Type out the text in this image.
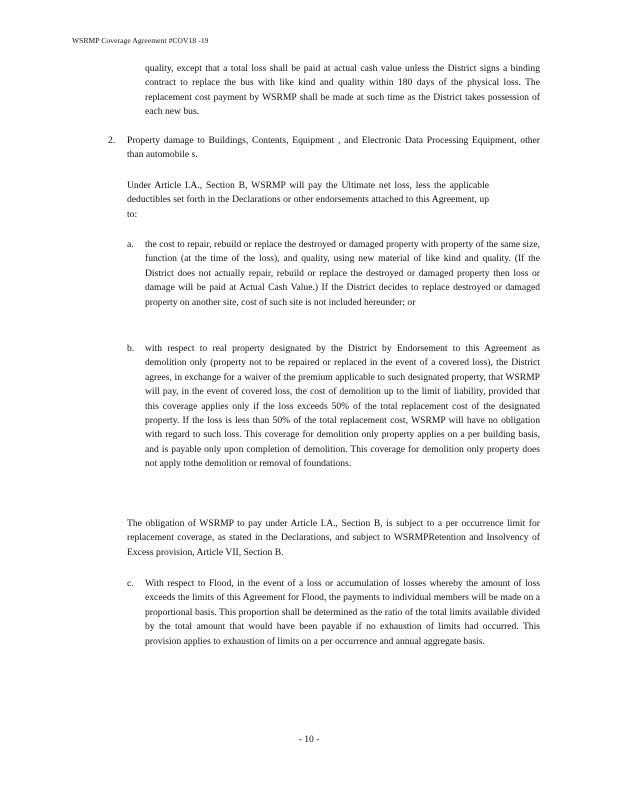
WSRMP Coverage Agreement #COV18 -19

quality, except that a total loss shall be paid at actual cash value unless the District signs a binding contract to replace the bus with like kind and quality within 180 days of the physical loss. The replacement cost payment by WSRMP shall be made at such time as the District takes possession of each new bus.

2. Property damage to Buildings, Contents, Equipment , and Electronic Data Processing Equipment, other than automobile s.

Under Article I.A., Section B, WSRMP will pay the Ultimate net loss, less the applicable deductibles set forth in the Declarations or other endorsements attached to this Agreement, up to:

a. the cost to repair, rebuild or replace the destroyed or damaged property with property of the same size, function (at the time of the loss), and quality, using new material of like kind and quality. (If the District does not actually repair, rebuild or replace the destroyed or damaged property then loss or damage will be paid at Actual Cash Value.) If the District decides to replace destroyed or damaged property on another site, cost of such site is not included hereunder; or

b. with respect to real property designated by the District by Endorsement to this Agreement as demolition only (property not to be repaired or replaced in the event of a covered loss), the District agrees, in exchange for a waiver of the premium applicable to such designated property, that WSRMP will pay, in the event of covered loss, the cost of demolition up to the limit of liability, provided that this coverage applies only if the loss exceeds 50% of the total replacement cost of the designated property. If the loss is less than 50% of the total replacement cost, WSRMP will have no obligation with regard to such loss. This coverage for demolition only property applies on a per building basis, and is payable only upon completion of demolition. This coverage for demolition only property does not apply tothe demolition or removal of foundations.

The obligation of WSRMP to pay under Article I.A., Section B, is subject to a per occurrence limit for replacement coverage, as stated in the Declarations, and subject to WSRMPRetention and Insolvency of Excess provision, Article VII, Section B.

c. With respect to Flood, in the event of a loss or accumulation of losses whereby the amount of loss exceeds the limits of this Agreement for Flood, the payments to individual members will be made on a proportional basis. This proportion shall be determined as the ratio of the total limits available divided by the total amount that would have been payable if no exhaustion of limits had occurred. This provision applies to exhaustion of limits on a per occurrence and annual aggregate basis.

- 10 -
